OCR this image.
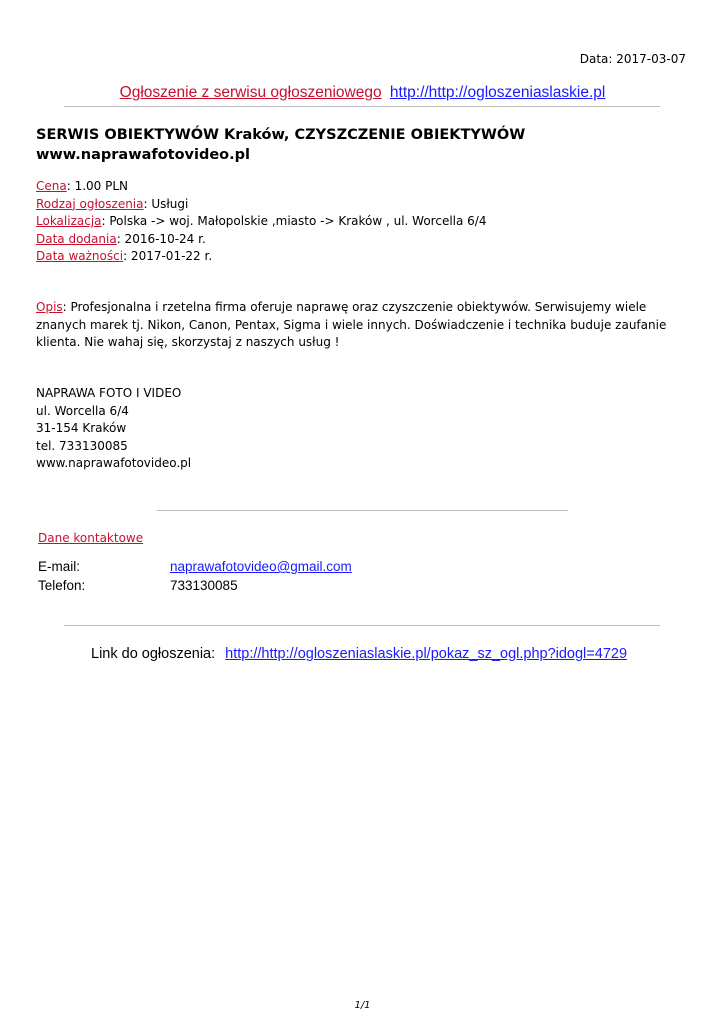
Data: 2017-03-07
Ogłoszenie z serwisu ogłoszeniowego http://http://ogloszeniaslaskie.pl
SERWIS OBIEKTYWÓW Kraków, CZYSZCZENIE OBIEKTYWÓW
www.naprawafotovideo.pl
Cena: 1.00 PLN
Rodzaj ogłoszenia: Usługi
Lokalizacja: Polska -> woj. Małopolskie ,miasto -> Kraków , ul. Worcella 6/4
Data dodania: 2016-10-24 r.
Data ważności: 2017-01-22 r.
Opis: Profesjonalna i rzetelna firma oferuje naprawę oraz czyszczenie obiektywów. Serwisujemy wiele znanych marek tj. Nikon, Canon, Pentax, Sigma i wiele innych. Doświadczenie i technika buduje zaufanie klienta. Nie wahaj się, skorzystaj z naszych usług !
NAPRAWA FOTO I VIDEO
ul. Worcella 6/4
31-154 Kraków
tel. 733130085
www.naprawafotovideo.pl
Dane kontaktowe
E-mail:	naprawafotovideo@gmail.com
Telefon:	733130085
Link do ogłoszenia: http://http://ogloszeniaslaskie.pl/pokaz_sz_ogl.php?idogl=4729
1/1
